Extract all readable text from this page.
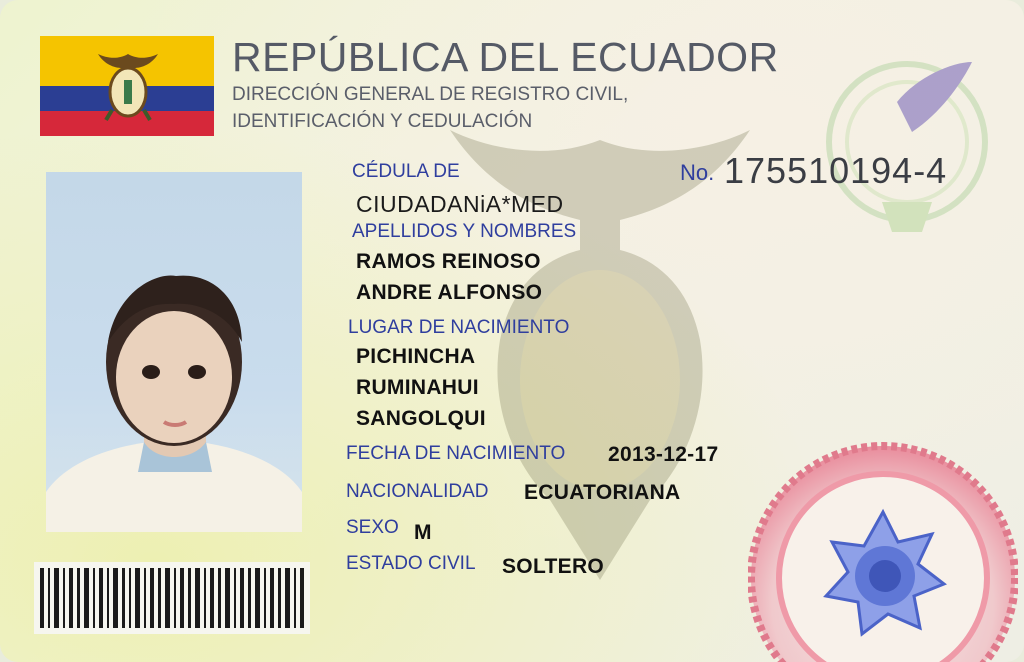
REPÚBLICA DEL ECUADOR
DIRECCIÓN GENERAL DE REGISTRO CIVIL,
IDENTIFICACIÓN Y CEDULACIÓN
No. 175510194-4
CÉDULA DE
CIUDADANiA*MED
APELLIDOS Y NOMBRES
RAMOS REINOSO
ANDRE ALFONSO
LUGAR DE NACIMIENTO
PICHINCHA
RUMINAHUI
SANGOLQUI
FECHA DE NACIMIENTO 2013-12-17
NACIONALIDAD ECUATORIANA
SEXO M
ESTADO CIVIL SOLTERO
